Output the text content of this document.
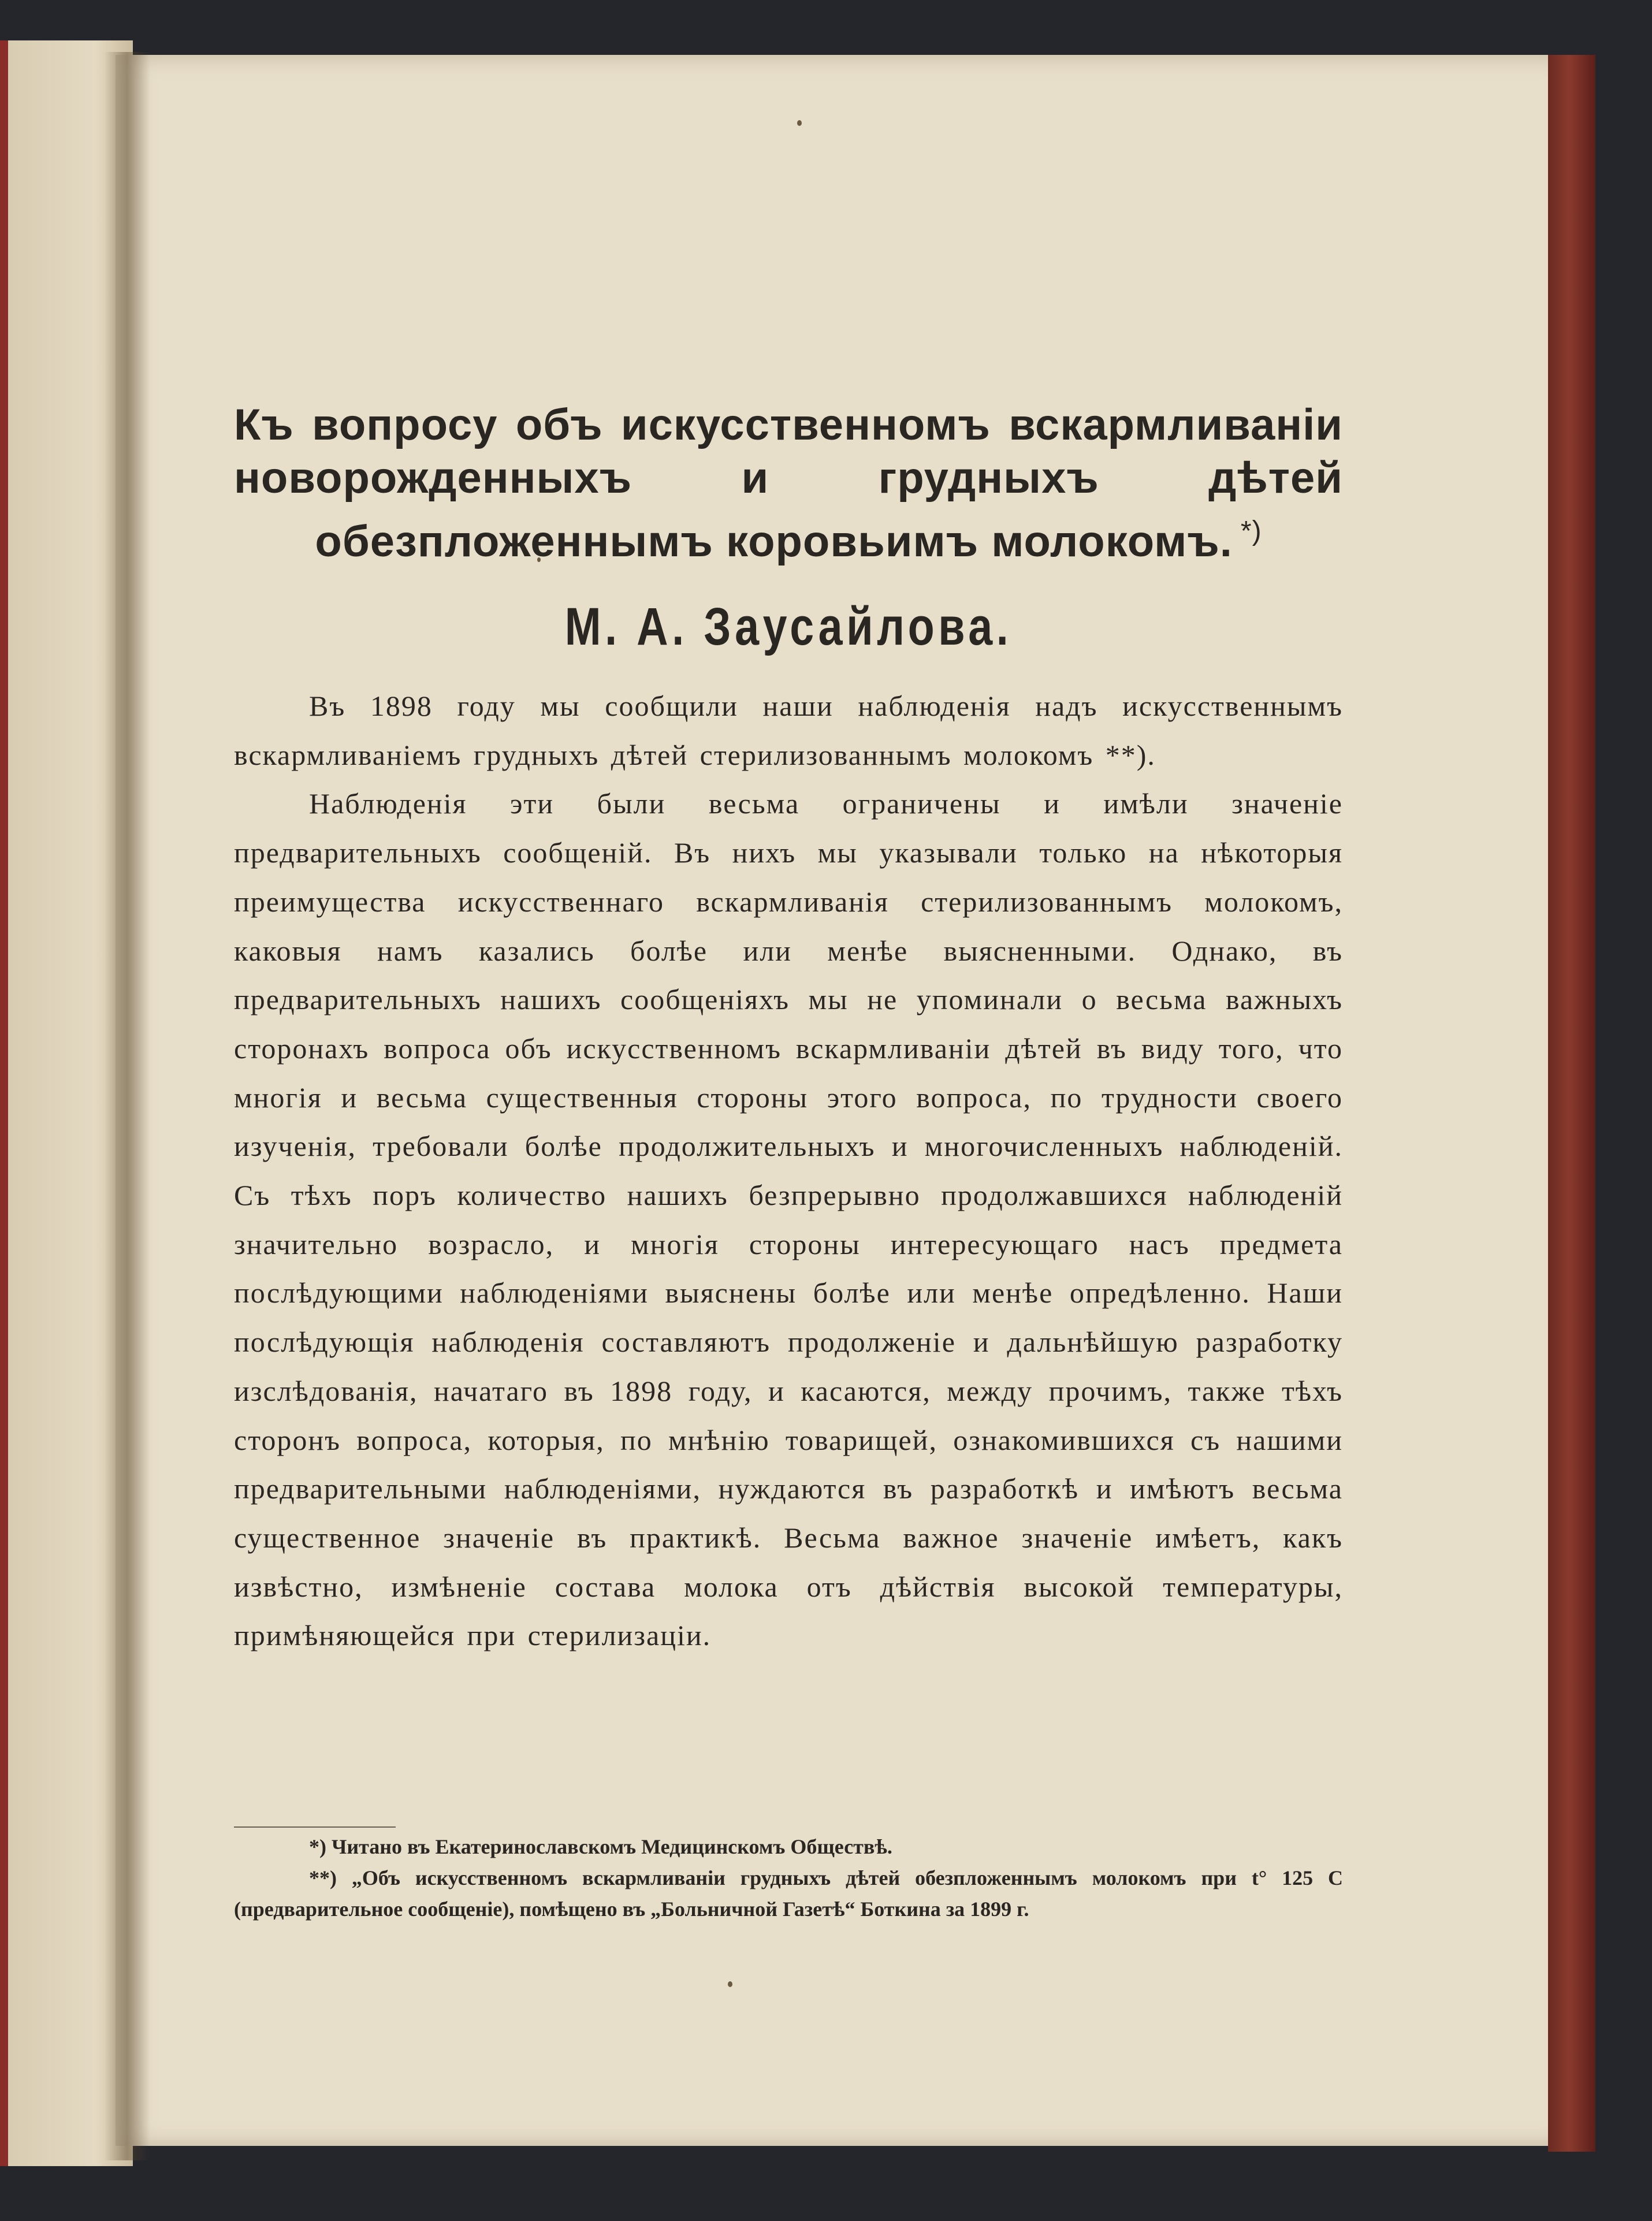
Къ вопросу объ искусственномъ вскармливаніи новорожденныхъ и грудныхъ дѣтей обезпложеннымъ коровьимъ молокомъ. *)
М. А. Заусайлова.

Въ 1898 году мы сообщили наши наблюденія надъ искусственнымъ вскармливаніемъ грудныхъ дѣтей стерилизованнымъ молокомъ **).

Наблюденія эти были весьма ограничены и имѣли значеніе предварительныхъ сообщеній. Въ нихъ мы указывали только на нѣкоторыя преимущества искусственнаго вскармливанія стерилизованнымъ молокомъ, каковыя намъ казались болѣе или менѣе выясненными. Однако, въ предварительныхъ нашихъ сообщеніяхъ мы не упоминали о весьма важныхъ сторонахъ вопроса объ искусственномъ вскармливаніи дѣтей въ виду того, что многія и весьма существенныя стороны этого вопроса, по трудности своего изученія, требовали болѣе продолжительныхъ и многочисленныхъ наблюденій. Съ тѣхъ поръ количество нашихъ безпрерывно продолжавшихся наблюденій значительно возрасло, и многія стороны интересующаго насъ предмета послѣдующими наблюденіями выяснены болѣе или менѣе опредѣленно. Наши послѣдующія наблюденія составляютъ продолженіе и дальнѣйшую разработку изслѣдованія, начатаго въ 1898 году, и касаются, между прочимъ, также тѣхъ сторонъ вопроса, которыя, по мнѣнію товарищей, ознакомившихся съ нашими предварительными наблюденіями, нуждаются въ разработкѣ и имѣютъ весьма существенное значеніе въ практикѣ. Весьма важное значеніе имѣетъ, какъ извѣстно, измѣненіе состава молока отъ дѣйствія высокой температуры, примѣняющейся при стерилизаціи.

*) Читано въ Екатеринославскомъ Медицинскомъ Обществѣ.

**) „Объ искусственномъ вскармливаніи грудныхъ дѣтей обезпложеннымъ молокомъ при t° 125 С (предварительное сообщеніе), помѣщено въ „Больничной Газетѣ“ Боткина за 1899 г.
